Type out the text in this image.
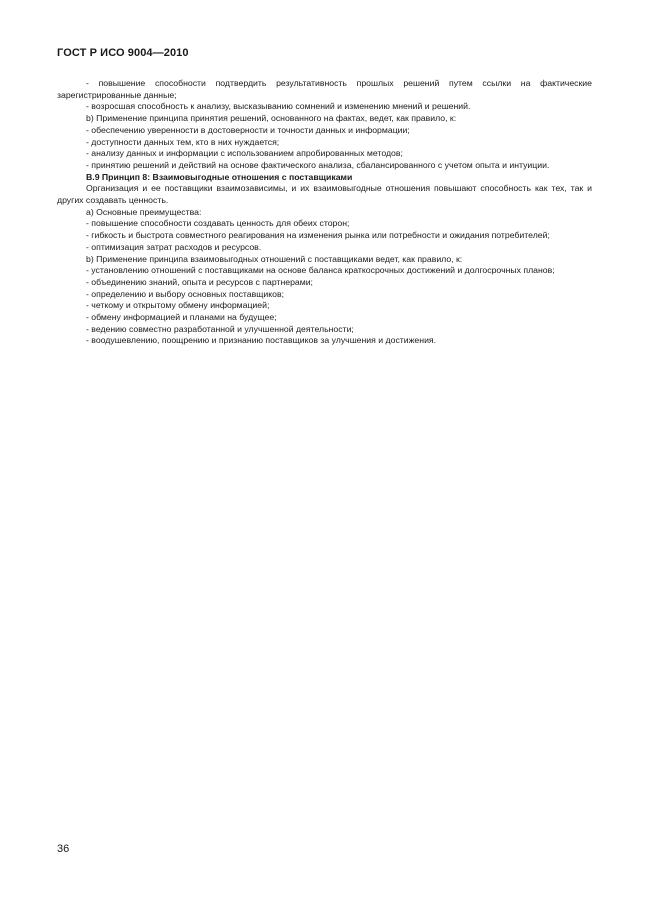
ГОСТ Р ИСО 9004—2010

- повышение способности подтвердить результативность прошлых решений путем ссылки на фактические зарегистрированные данные;

- возросшая способность к анализу, высказыванию сомнений и изменению мнений и решений.

b) Применение принципа принятия решений, основанного на фактах, ведет, как правило, к:

- обеспечению уверенности в достоверности и точности данных и информации;

- доступности данных тем, кто в них нуждается;

- анализу данных и информации с использованием апробированных методов;

- принятию решений и действий на основе фактического анализа, сбалансированного с учетом опыта и интуиции.

B.9 Принцип 8: Взаимовыгодные отношения с поставщиками

Организация и ее поставщики взаимозависимы, и их взаимовыгодные отношения повышают способность как тех, так и других создавать ценность.

a) Основные преимущества:

- повышение способности создавать ценность для обеих сторон;

- гибкость и быстрота совместного реагирования на изменения рынка или потребности и ожидания потребителей;

- оптимизация затрат расходов и ресурсов.

b) Применение принципа взаимовыгодных отношений с поставщиками ведет, как правило, к:

- установлению отношений с поставщиками на основе баланса краткосрочных достижений и долгосрочных планов;

- объединению знаний, опыта и ресурсов с партнерами;

- определению и выбору основных поставщиков;

- четкому и открытому обмену информацией;

- обмену информацией и планами на будущее;

- ведению совместно разработанной и улучшенной деятельности;

- воодушевлению, поощрению и признанию поставщиков за улучшения и достижения.

36
